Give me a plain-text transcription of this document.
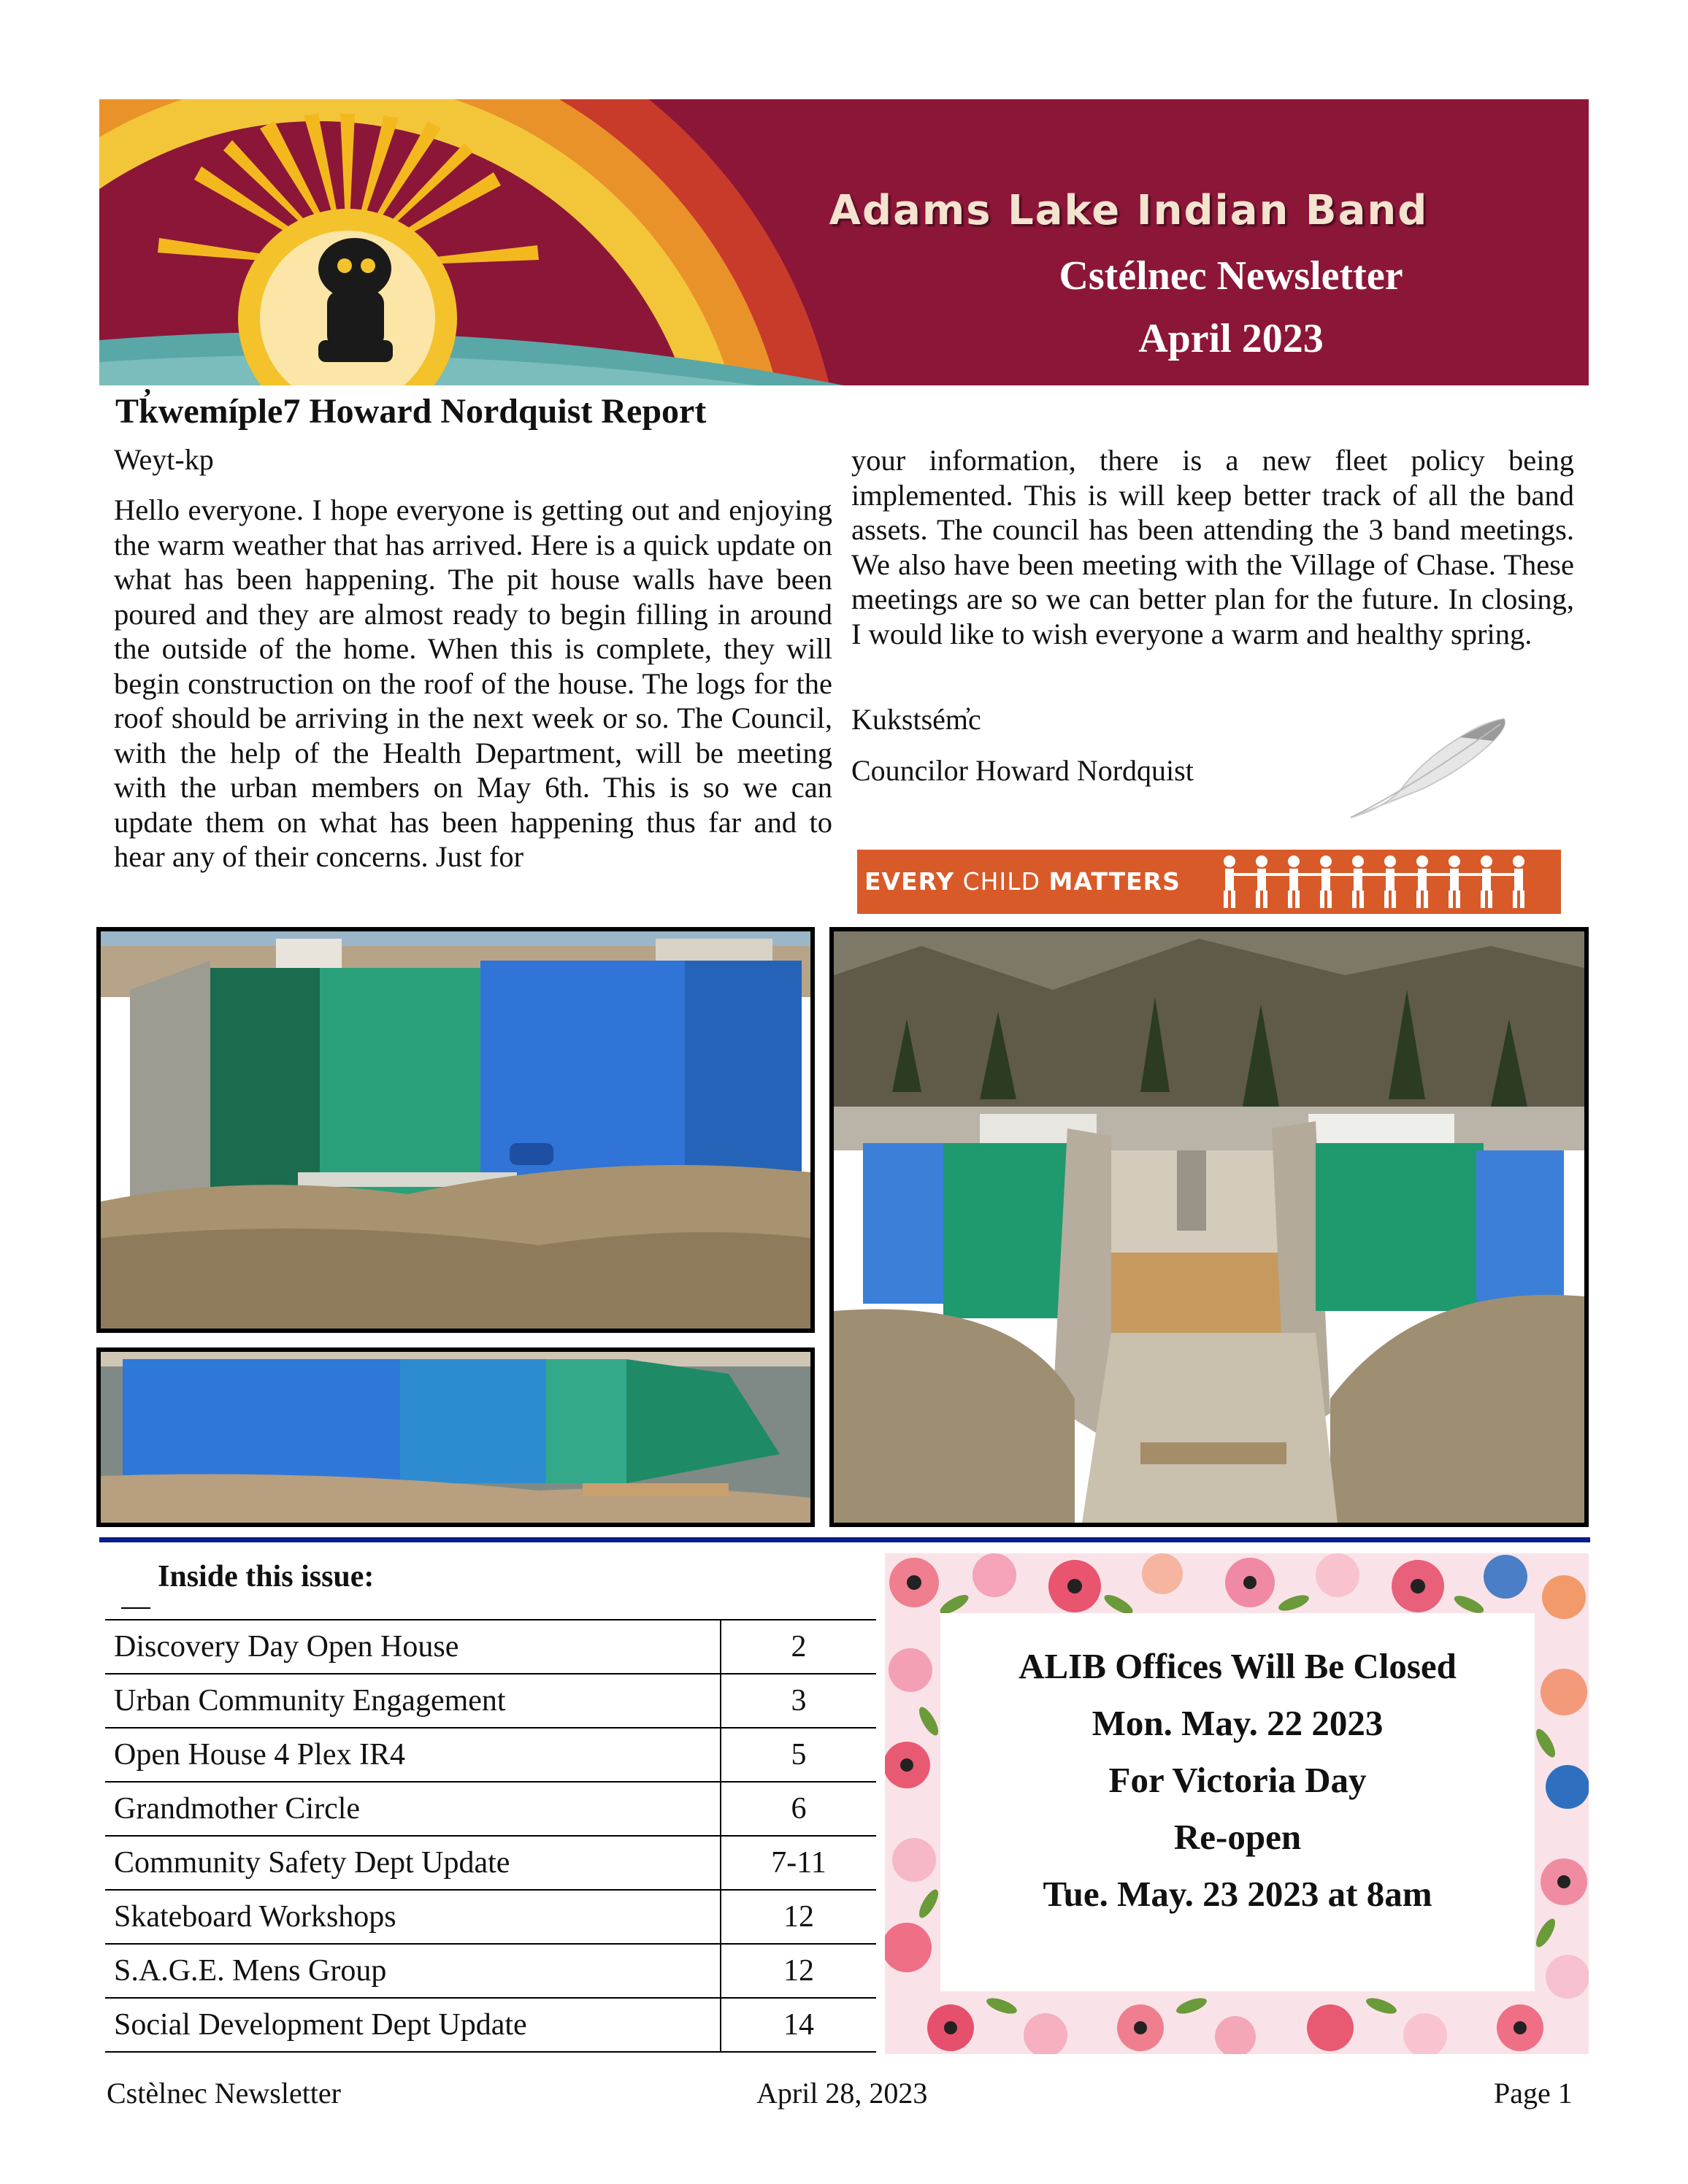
Adams Lake Indian Band
Cstélnec Newsletter
April 2023
Tk̓wemíple7 Howard Nordquist Report
Weyt-kp
Hello everyone. I hope everyone is getting out and enjoying the warm weather that has arrived. Here is a quick update on what has been happening. The pit house walls have been poured and they are almost ready to begin filling in around the outside of the home. When this is complete, they will begin construction on the roof of the house. The logs for the roof should be arriving in the next week or so. The Council, with the help of the Health Department, will be meeting with the urban members on May 6th. This is so we can update them on what has been happening thus far and to hear any of their concerns. Just for
your information, there is a new fleet policy being implemented. This is will keep better track of all the band assets. The council has been attending the 3 band meetings. We also have been meeting with the Village of Chase. These meetings are so we can better plan for the future. In closing, I would like to wish everyone a warm and healthy spring.
Kukstsém̓c
Councilor Howard Nordquist
EVERY CHILD MATTERS
Inside this issue:
Discovery Day Open House	2
Urban Community Engagement	3
Open House 4 Plex IR4	5
Grandmother Circle	6
Community Safety Dept Update	7-11
Skateboard Workshops	12
S.A.G.E. Mens Group	12
Social Development Dept Update	14
ALIB Offices Will Be Closed
Mon. May. 22 2023
For Victoria Day
Re-open
Tue. May. 23 2023 at 8am
Cstèlnec Newsletter	April 28, 2023	Page 1
